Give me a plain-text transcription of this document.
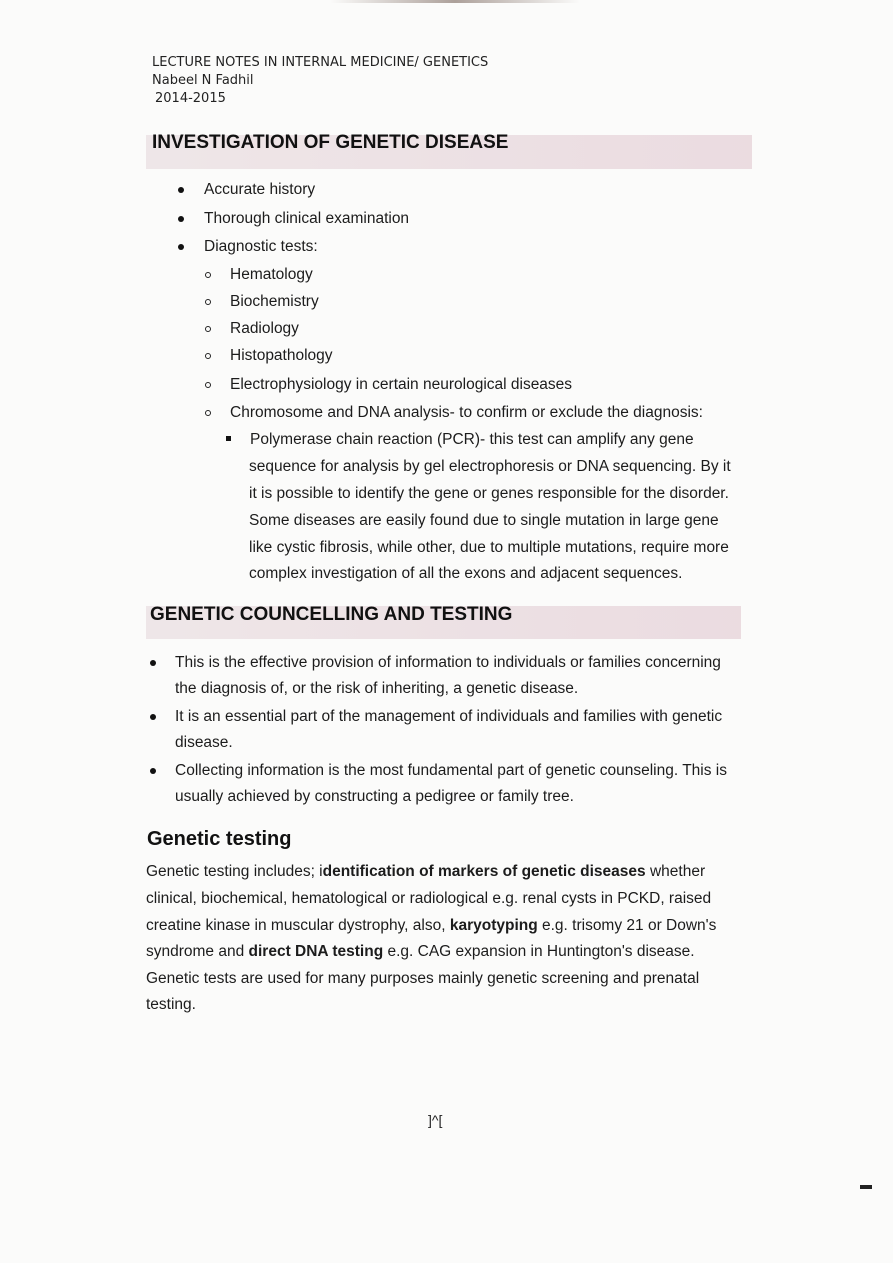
LECTURE NOTES IN INTERNAL MEDICINE/ GENETICS
Nabeel N Fadhil
2014-2015
INVESTIGATION OF GENETIC DISEASE
Accurate history
Thorough clinical examination
Diagnostic tests:
Hematology
Biochemistry
Radiology
Histopathology
Electrophysiology in certain neurological diseases
Chromosome and DNA analysis- to confirm or exclude the diagnosis:
Polymerase chain reaction (PCR)- this test can amplify any gene
sequence for analysis by gel electrophoresis or DNA sequencing. By it
it is possible to identify the gene or genes responsible for the disorder.
Some diseases are easily found due to single mutation in large gene
like cystic fibrosis, while other, due to multiple mutations, require more
complex investigation of all the exons and adjacent sequences.
GENETIC COUNCELLING AND TESTING
This is the effective provision of information to individuals or families concerning
the diagnosis of, or the risk of inheriting, a genetic disease.
It is an essential part of the management of individuals and families with genetic
disease.
Collecting information is the most fundamental part of genetic counseling. This is
usually achieved by constructing a pedigree or family tree.
Genetic testing
Genetic testing includes; identification of markers of genetic diseases whether
clinical, biochemical, hematological or radiological e.g. renal cysts in PCKD, raised
creatine kinase in muscular dystrophy, also, karyotyping e.g. trisomy 21 or Down's
syndrome and direct DNA testing e.g. CAG expansion in Huntington's disease.
Genetic tests are used for many purposes mainly genetic screening and prenatal
testing.
]^[
